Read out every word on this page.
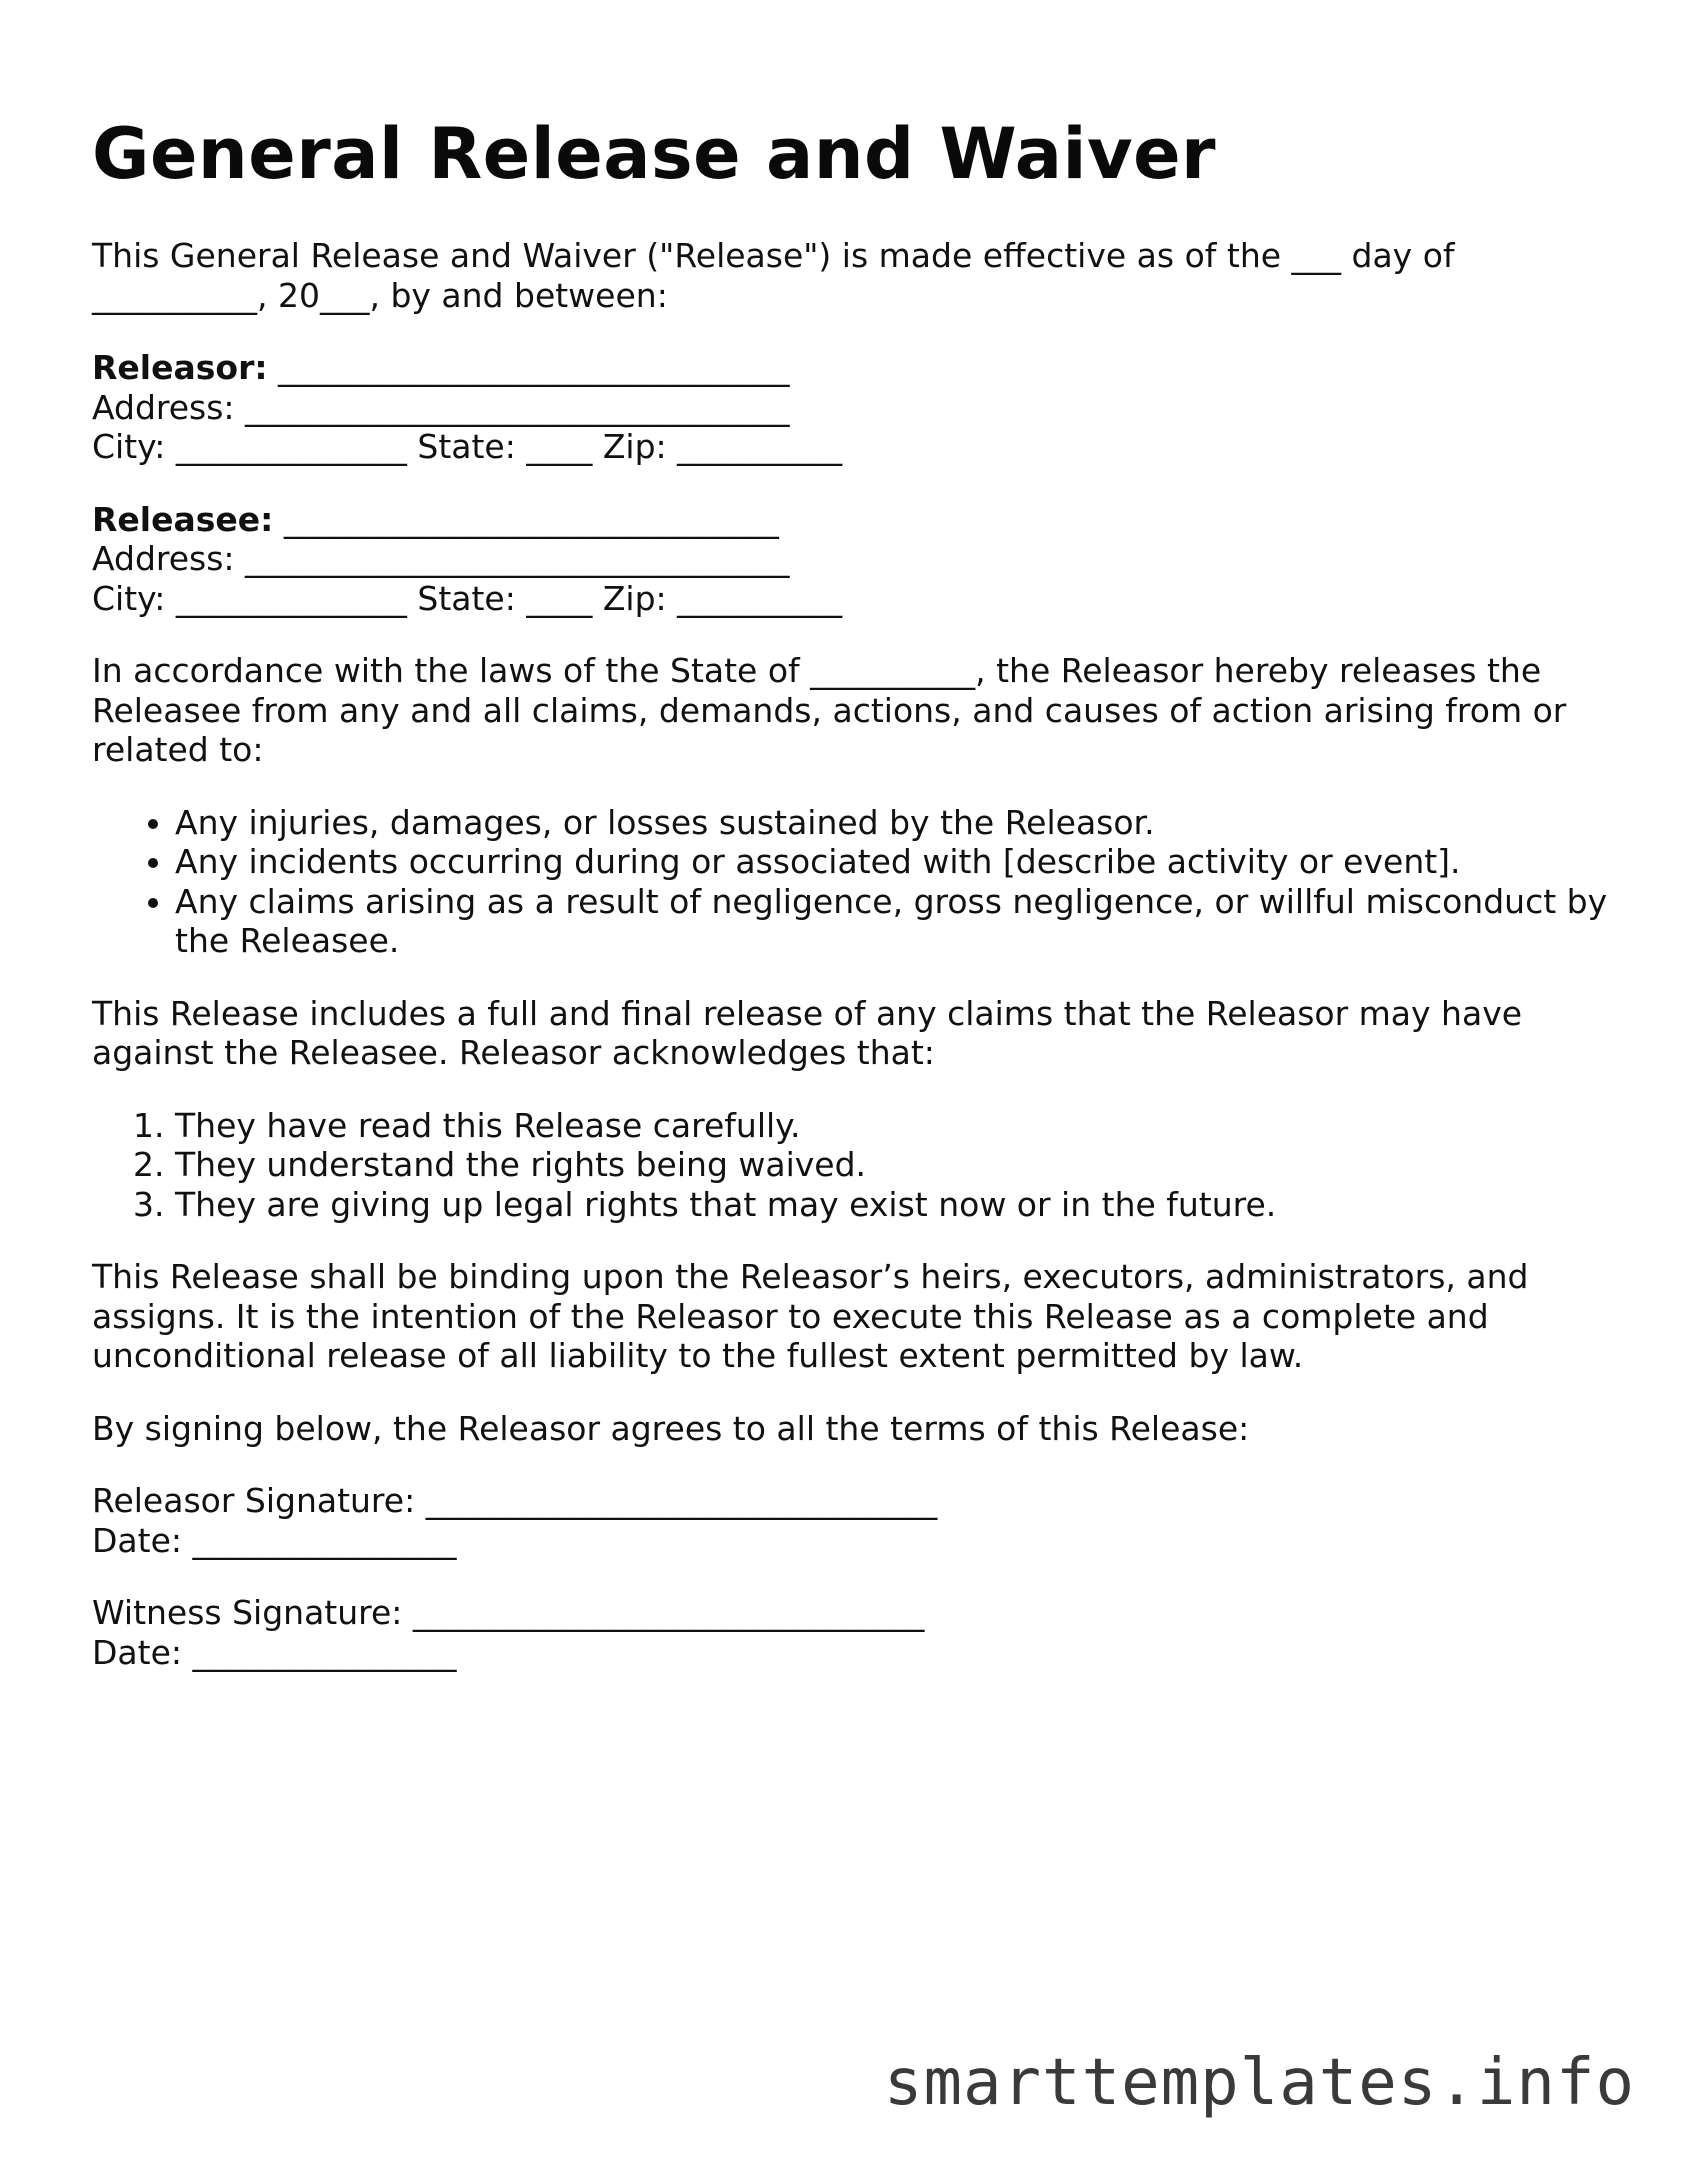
General Release and Waiver

This General Release and Waiver ("Release") is made effective as of the ___ day of __________, 20___, by and between:

Releasor: _______________________________
Address: _________________________________
City: ______________ State: ____ Zip: __________
Releasee: ______________________________
Address: _________________________________
City: ______________ State: ____ Zip: __________

In accordance with the laws of the State of __________, the Releasor hereby releases the Releasee from any and all claims, demands, actions, and causes of action arising from or related to:

• Any injuries, damages, or losses sustained by the Releasor.
• Any incidents occurring during or associated with [describe activity or event].
• Any claims arising as a result of negligence, gross negligence, or willful misconduct by the Releasee.

This Release includes a full and final release of any claims that the Releasor may have against the Releasee. Releasor acknowledges that:

1. They have read this Release carefully.
2. They understand the rights being waived.
3. They are giving up legal rights that may exist now or in the future.

This Release shall be binding upon the Releasor’s heirs, executors, administrators, and assigns. It is the intention of the Releasor to execute this Release as a complete and unconditional release of all liability to the fullest extent permitted by law.

By signing below, the Releasor agrees to all the terms of this Release:

Releasor Signature: _______________________________
Date: ________________
Witness Signature: _______________________________
Date: ________________
smarttemplates.info
